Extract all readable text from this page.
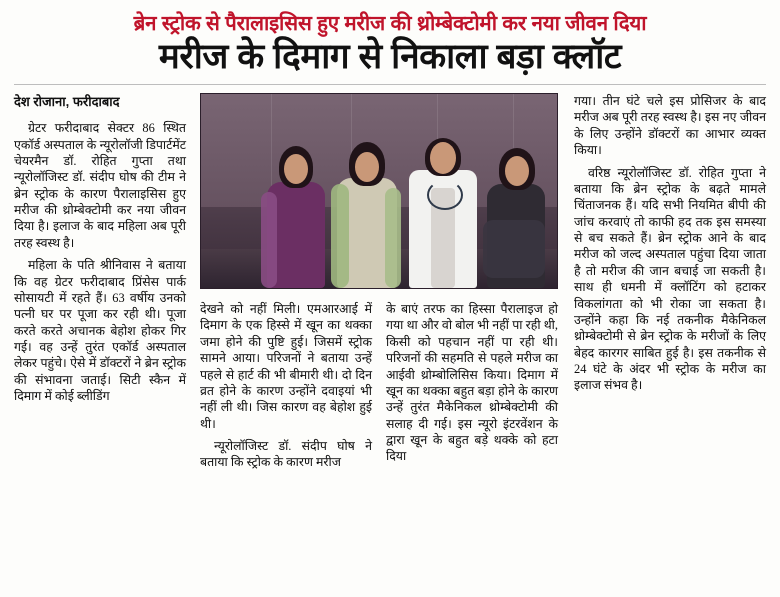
ब्रेन स्ट्रोक से पैरालाइसिस हुए मरीज की थ्रोम्बेक्टोमी कर नया जीवन दिया
मरीज के दिमाग से निकाला बड़ा क्लॉट
देश रोजाना, फरीदाबाद

ग्रेटर फरीदाबाद सेक्टर 86 स्थित एकॉर्ड अस्पताल के न्यूरोलॉजी डिपार्टमेंट चेयरमैन डॉ. रोहित गुप्ता तथा न्यूरोलॉजिस्ट डॉ. संदीप घोष की टीम ने ब्रेन स्ट्रोक के कारण पैरालाइसिस हुए मरीज की थ्रोम्बेक्टोमी कर नया जीवन दिया है। इलाज के बाद महिला अब पूरी तरह स्वस्थ है।

महिला के पति श्रीनिवास ने बताया कि वह ग्रेटर फरीदाबाद प्रिंसेस पार्क सोसायटी में रहते हैं। 63 वर्षीय उनको पत्नी घर पर पूजा कर रही थी। पूजा करते करते अचानक बेहोश होकर गिर गई। वह उन्हें तुरंत एकॉर्ड अस्पताल लेकर पहुंचे। ऐसे में डॉक्टरों ने ब्रेन स्ट्रोक की संभावना जताई। सिटी स्कैन में दिमाग में कोई ब्लीडिंग

देखने को नहीं मिली। एमआरआई में दिमाग के एक हिस्से में खून का थक्का जमा होने की पुष्टि हुई। जिसमें स्ट्रोक सामने आया। परिजनों ने बताया उन्हें पहले से हार्ट की भी बीमारी थी। दो दिन व्रत होने के कारण उन्होंने दवाइयां भी नहीं ली थी। जिस कारण वह बेहोश हुई थी।

न्यूरोलॉजिस्ट डॉ. संदीप घोष ने बताया कि स्ट्रोक के कारण मरीज

के बाएं तरफ का हिस्सा पैरालाइज हो गया था और वो बोल भी नहीं पा रही थी, किसी को पहचान नहीं पा रही थी। परिजनों की सहमति से पहले मरीज का आईवी थ्रोम्बोलिसिस किया। दिमाग में खून का थक्का बहुत बड़ा होने के कारण उन्हें तुरंत मैकेनिकल थ्रोम्बेक्टोमी की सलाह दी गई। इस न्यूरो इंटरवेंशन के द्वारा खून के बहुत बड़े थक्के को हटा दिया

गया। तीन घंटे चले इस प्रोसिजर के बाद मरीज अब पूरी तरह स्वस्थ है। इस नए जीवन के लिए उन्होंने डॉक्टरों का आभार व्यक्त किया।

वरिष्ठ न्यूरोलॉजिस्ट डॉ. रोहित गुप्ता ने बताया कि ब्रेन स्ट्रोक के बढ़ते मामले चिंताजनक हैं। यदि सभी नियमित बीपी की जांच करवाएं तो काफी हद तक इस समस्या से बच सकते हैं। ब्रेन स्ट्रोक आने के बाद मरीज को जल्द अस्पताल पहुंचा दिया जाता है तो मरीज की जान बचाई जा सकती है। साथ ही धमनी में क्लॉटिंग को हटाकर विकलांगता को भी रोका जा सकता है। उन्होंने कहा कि नई तकनीक मैकेनिकल थ्रोम्बेक्टोमी से ब्रेन स्ट्रोक के मरीजों के लिए बेहद कारगर साबित हुई है। इस तकनीक से 24 घंटे के अंदर भी स्ट्रोक के मरीज का इलाज संभव है।
